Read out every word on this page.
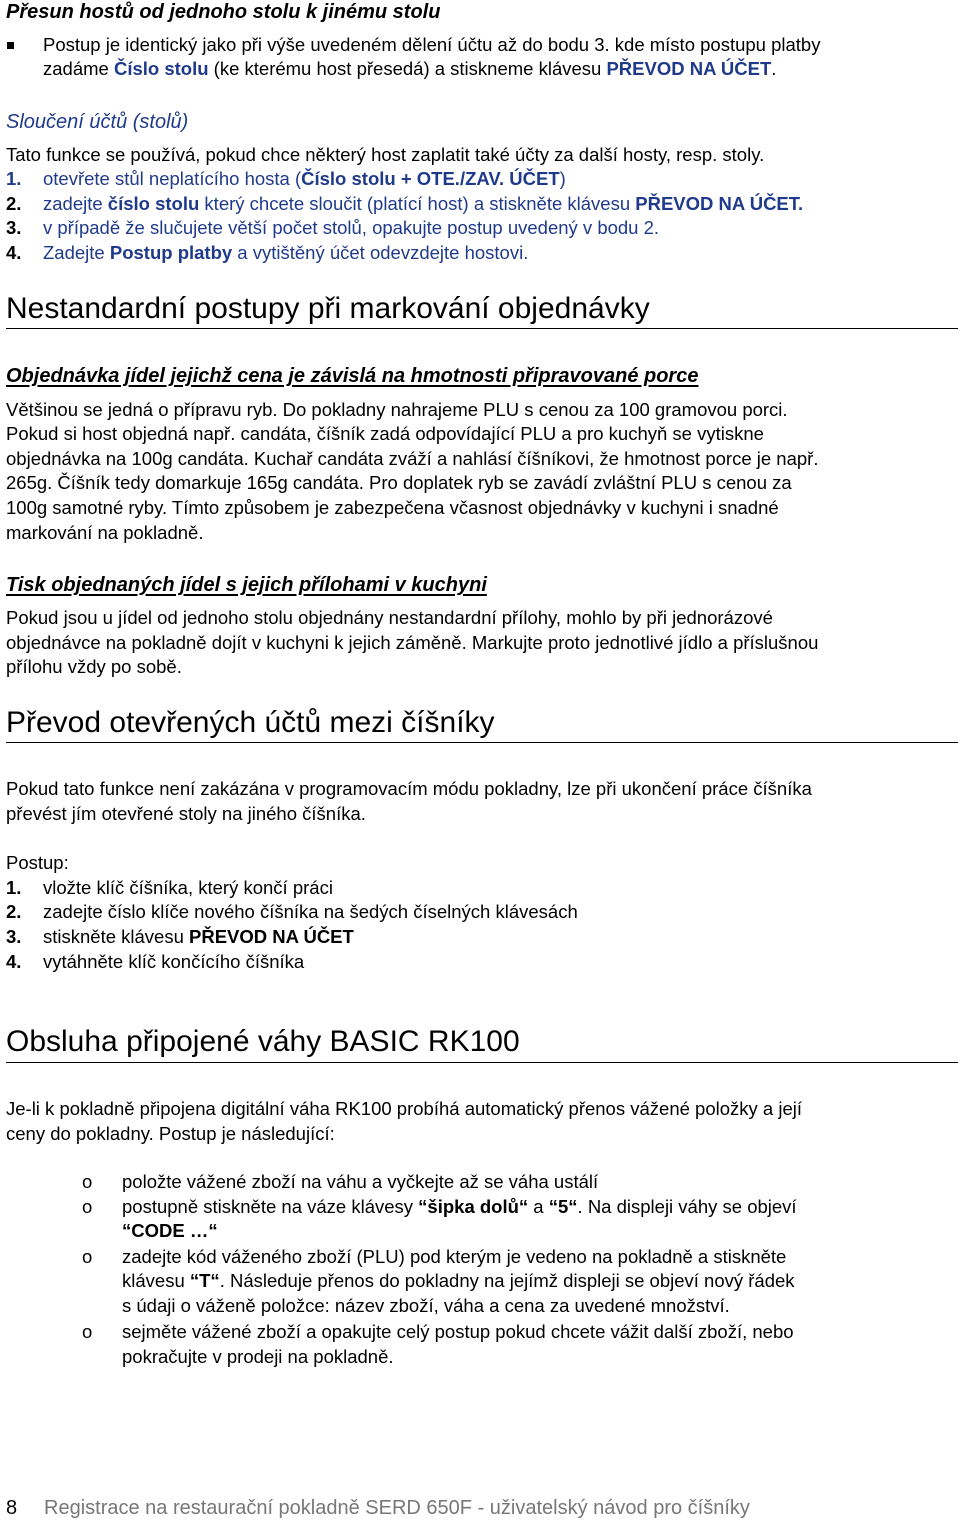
Přesun hostů od jednoho stolu k jinému stolu
Postup je identický jako při výše uvedeném dělení účtu až do bodu 3. kde místo postupu platby
zadáme Číslo stolu (ke kterému host přesedá) a stiskneme klávesu PŘEVOD NA ÚČET.
Sloučení účtů (stolů)
Tato funkce se používá, pokud chce některý host zaplatit také účty za další hosty, resp. stoly.
1. otevřete stůl neplatícího hosta (Číslo stolu + OTE./ZAV. ÚČET)
2. zadejte číslo stolu který chcete sloučit (platící host) a stiskněte klávesu PŘEVOD NA ÚČET.
3. v případě že slučujete větší počet stolů, opakujte postup uvedený v bodu 2.
4. Zadejte Postup platby a vytištěný účet odevzdejte hostovi.
Nestandardní postupy při markování objednávky
Objednávka jídel jejichž cena je závislá na hmotnosti připravované porce
Většinou se jedná o přípravu ryb. Do pokladny nahrajeme PLU s cenou za 100 gramovou porci.
Pokud si host objedná např. candáta, číšník zadá odpovídající PLU a pro kuchyň se vytiskne
objednávka na 100g candáta. Kuchař candáta zváží a nahlásí číšníkovi, že hmotnost porce je např.
265g. Číšník tedy domarkuje 165g candáta. Pro doplatek ryb se zavádí zvláštní PLU s cenou za
100g samotné ryby. Tímto způsobem je zabezpečena včasnost objednávky v kuchyni i snadné
markování na pokladně.
Tisk objednaných jídel s jejich přílohami v kuchyni
Pokud jsou u jídel od jednoho stolu objednány nestandardní přílohy, mohlo by při jednorázové
objednávce na pokladně dojít v kuchyni k jejich záměně. Markujte proto jednotlivé jídlo a příslušnou
přílohu vždy po sobě.
Převod otevřených účtů mezi číšníky
Pokud tato funkce není zakázána v programovacím módu pokladny, lze při ukončení práce číšníka
převést jím otevřené stoly na jiného číšníka.
Postup:
1. vložte klíč číšníka, který končí práci
2. zadejte číslo klíče nového číšníka na šedých číselných klávesách
3. stiskněte klávesu PŘEVOD NA ÚČET
4. vytáhněte klíč končícího číšníka
Obsluha připojené váhy BASIC RK100
Je-li k pokladně připojena digitální váha RK100 probíhá automatický přenos vážené položky a její
ceny do pokladny. Postup je následující:
o položte vážené zboží na váhu a vyčkejte až se váha ustálí
o postupně stiskněte na váze klávesy “šipka dolů“ a “5“. Na displeji váhy se objeví
“CODE …“
o zadejte kód váženého zboží (PLU) pod kterým je vedeno na pokladně a stiskněte
klávesu “T“. Následuje přenos do pokladny na jejímž displeji se objeví nový řádek
s údaji o váženě položce: název zboží, váha a cena za uvedené množství.
o sejměte vážené zboží a opakujte celý postup pokud chcete vážit další zboží, nebo
pokračujte v prodeji na pokladně.
8 Registrace na restaurační pokladně SERD 650F - uživatelský návod pro číšníky
